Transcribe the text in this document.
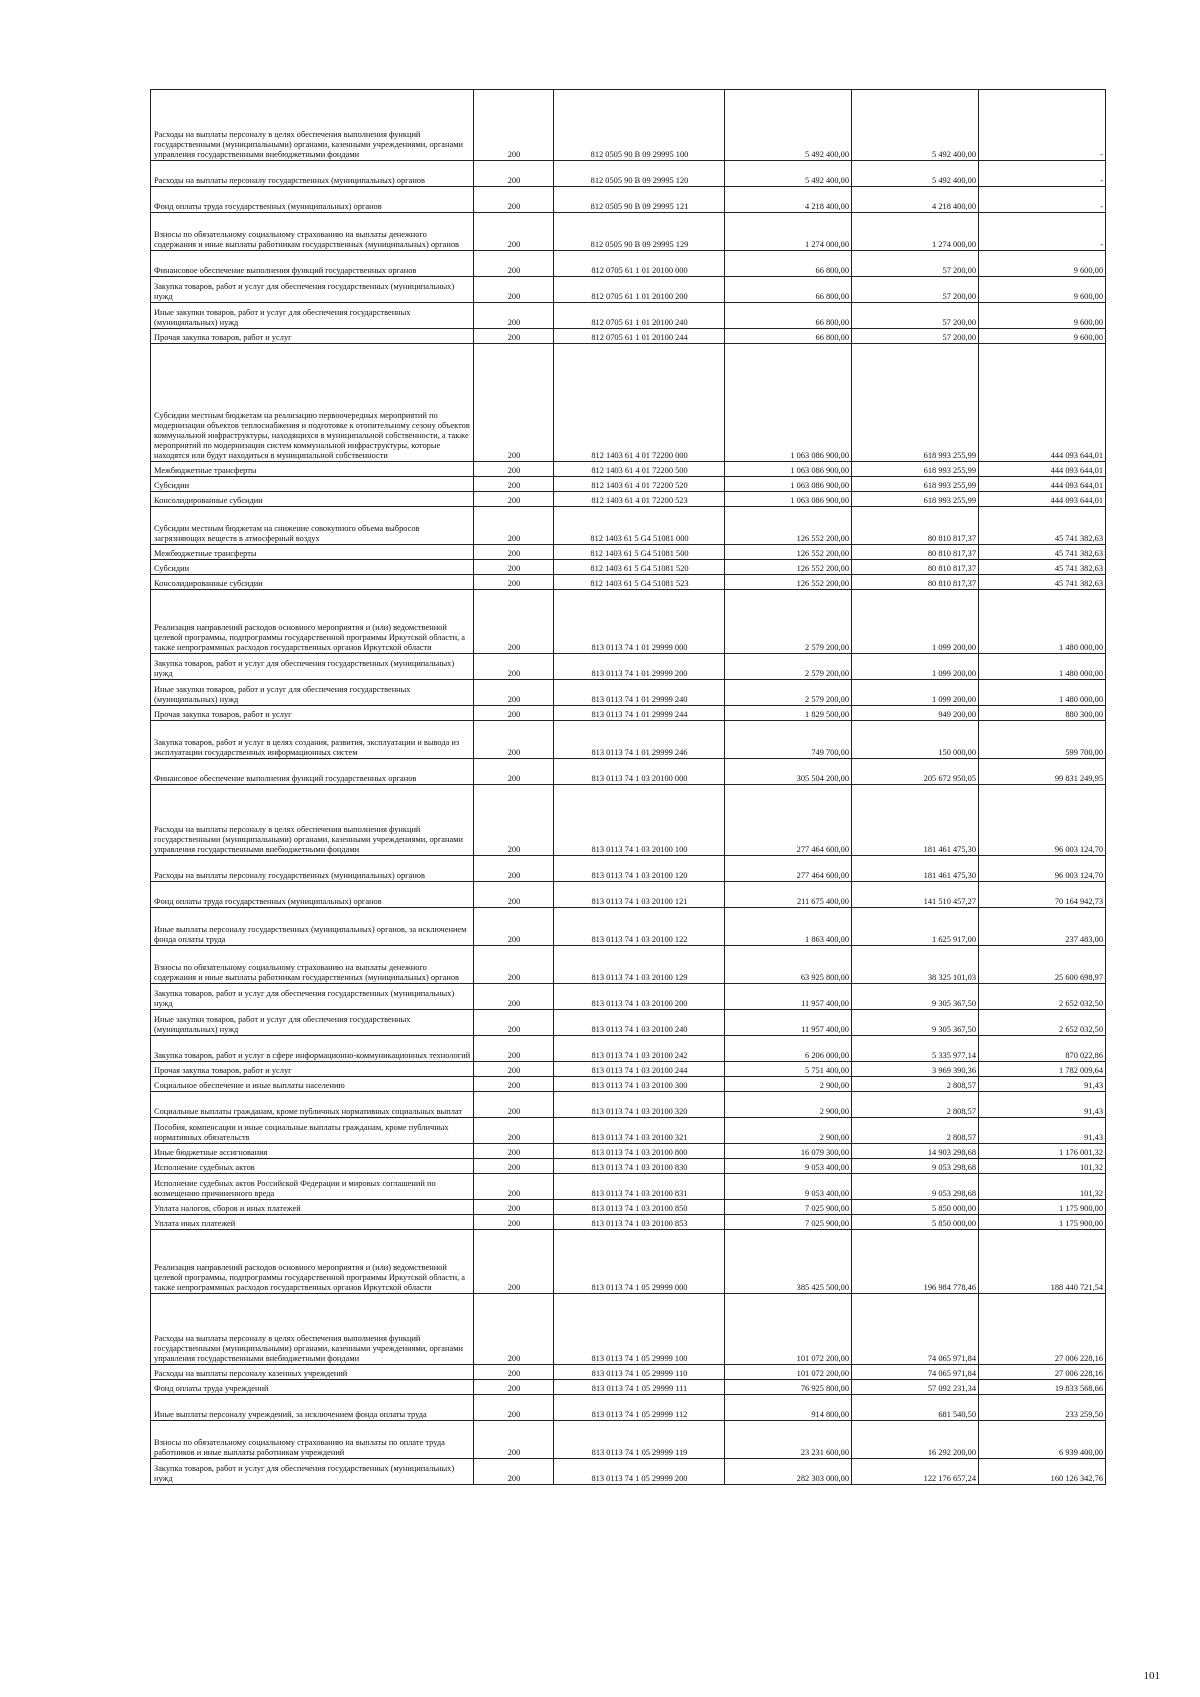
Расходы на выплаты персоналу в целях обеспечения выполнения функций государственными (муниципальными) органами, казенными учреждениями, органами управления государственными внебюджетными фондами	200	812 0505 90 В 09 29995 100	5 492 400,00	5 492 400,00	-
Расходы на выплаты персоналу государственных (муниципальных) органов	200	812 0505 90 В 09 29995 120	5 492 400,00	5 492 400,00	-
Фонд оплаты труда государственных (муниципальных) органов	200	812 0505 90 В 09 29995 121	4 218 400,00	4 218 400,00	-
Взносы по обязательному социальному страхованию на выплаты денежного содержания и иные выплаты работникам государственных (муниципальных) органов	200	812 0505 90 В 09 29995 129	1 274 000,00	1 274 000,00	-
Финансовое обеспечение выполнения функций государственных органов	200	812 0705 61 1 01 20100 000	66 800,00	57 200,00	9 600,00
Закупка товаров, работ и услуг для обеспечения государственных (муниципальных) нужд	200	812 0705 61 1 01 20100 200	66 800,00	57 200,00	9 600,00
Иные закупки товаров, работ и услуг для обеспечения государственных (муниципальных) нужд	200	812 0705 61 1 01 20100 240	66 800,00	57 200,00	9 600,00
Прочая закупка товаров, работ и услуг	200	812 0705 61 1 01 20100 244	66 800,00	57 200,00	9 600,00
Субсидии местным бюджетам на реализацию первоочередных мероприятий по модернизации объектов теплоснабжения и подготовке к отопительному сезону объектов коммунальной инфраструктуры, находящихся в муниципальной собственности, а также мероприятий по модернизации систем коммунальной инфраструктуры, которые находятся или будут находиться в муниципальной собственности	200	812 1403 61 4 01 72200 000	1 063 086 900,00	618 993 255,99	444 093 644,01
Межбюджетные трансферты	200	812 1403 61 4 01 72200 500	1 063 086 900,00	618 993 255,99	444 093 644,01
Субсидии	200	812 1403 61 4 01 72200 520	1 063 086 900,00	618 993 255,99	444 093 644,01
Консолидированные субсидии	200	812 1403 61 4 01 72200 523	1 063 086 900,00	618 993 255,99	444 093 644,01
Субсидии местным бюджетам на снижение совокупного объема выбросов загрязняющих веществ в атмосферный воздух	200	812 1403 61 5 G4 51081 000	126 552 200,00	80 810 817,37	45 741 382,63
Межбюджетные трансферты	200	812 1403 61 5 G4 51081 500	126 552 200,00	80 810 817,37	45 741 382,63
Субсидии	200	812 1403 61 5 G4 51081 520	126 552 200,00	80 810 817,37	45 741 382,63
Консолидированные субсидии	200	812 1403 61 5 G4 51081 523	126 552 200,00	80 810 817,37	45 741 382,63
Реализация направлений расходов основного мероприятия и (или) ведомственной целевой программы, подпрограммы государственной программы Иркутской области, а также непрограммных расходов государственных органов Иркутской области	200	813 0113 74 1 01 29999 000	2 579 200,00	1 099 200,00	1 480 000,00
Закупка товаров, работ и услуг для обеспечения государственных (муниципальных) нужд	200	813 0113 74 1 01 29999 200	2 579 200,00	1 099 200,00	1 480 000,00
Иные закупки товаров, работ и услуг для обеспечения государственных (муниципальных) нужд	200	813 0113 74 1 01 29999 240	2 579 200,00	1 099 200,00	1 480 000,00
Прочая закупка товаров, работ и услуг	200	813 0113 74 1 01 29999 244	1 829 500,00	949 200,00	880 300,00
Закупка товаров, работ и услуг в целях создания, развития, эксплуатации и вывода из эксплуатации государственных информационных систем	200	813 0113 74 1 01 29999 246	749 700,00	150 000,00	599 700,00
Финансовое обеспечение выполнения функций государственных органов	200	813 0113 74 1 03 20100 000	305 504 200,00	205 672 950,05	99 831 249,95
Расходы на выплаты персоналу в целях обеспечения выполнения функций государственными (муниципальными) органами, казенными учреждениями, органами управления государственными внебюджетными фондами	200	813 0113 74 1 03 20100 100	277 464 600,00	181 461 475,30	96 003 124,70
Расходы на выплаты персоналу государственных (муниципальных) органов	200	813 0113 74 1 03 20100 120	277 464 600,00	181 461 475,30	96 003 124,70
Фонд оплаты труда государственных (муниципальных) органов	200	813 0113 74 1 03 20100 121	211 675 400,00	141 510 457,27	70 164 942,73
Иные выплаты персоналу государственных (муниципальных) органов, за исключением фонда оплаты труда	200	813 0113 74 1 03 20100 122	1 863 400,00	1 625 917,00	237 483,00
Взносы по обязательному социальному страхованию на выплаты денежного содержания и иные выплаты работникам государственных (муниципальных) органов	200	813 0113 74 1 03 20100 129	63 925 800,00	38 325 101,03	25 600 698,97
Закупка товаров, работ и услуг для обеспечения государственных (муниципальных) нужд	200	813 0113 74 1 03 20100 200	11 957 400,00	9 305 367,50	2 652 032,50
Иные закупки товаров, работ и услуг для обеспечения государственных (муниципальных) нужд	200	813 0113 74 1 03 20100 240	11 957 400,00	9 305 367,50	2 652 032,50
Закупка товаров, работ и услуг в сфере информационно-коммуникационных технологий	200	813 0113 74 1 03 20100 242	6 206 000,00	5 335 977,14	870 022,86
Прочая закупка товаров, работ и услуг	200	813 0113 74 1 03 20100 244	5 751 400,00	3 969 390,36	1 782 009,64
Социальное обеспечение и иные выплаты населению	200	813 0113 74 1 03 20100 300	2 900,00	2 808,57	91,43
Социальные выплаты гражданам, кроме публичных нормативных социальных выплат	200	813 0113 74 1 03 20100 320	2 900,00	2 808,57	91,43
Пособия, компенсации и иные социальные выплаты гражданам, кроме публичных нормативных обязательств	200	813 0113 74 1 03 20100 321	2 900,00	2 808,57	91,43
Иные бюджетные ассигнования	200	813 0113 74 1 03 20100 800	16 079 300,00	14 903 298,68	1 176 001,32
Исполнение судебных актов	200	813 0113 74 1 03 20100 830	9 053 400,00	9 053 298,68	101,32
Исполнение судебных актов Российской Федерации и мировых соглашений по возмещению причиненного вреда	200	813 0113 74 1 03 20100 831	9 053 400,00	9 053 298,68	101,32
Уплата налогов, сборов и иных платежей	200	813 0113 74 1 03 20100 850	7 025 900,00	5 850 000,00	1 175 900,00
Уплата иных платежей	200	813 0113 74 1 03 20100 853	7 025 900,00	5 850 000,00	1 175 900,00
Реализация направлений расходов основного мероприятия и (или) ведомственной целевой программы, подпрограммы государственной программы Иркутской области, а также непрограммных расходов государственных органов Иркутской области	200	813 0113 74 1 05 29999 000	385 425 500,00	196 984 778,46	188 440 721,54
Расходы на выплаты персоналу в целях обеспечения выполнения функций государственными (муниципальными) органами, казенными учреждениями, органами управления государственными внебюджетными фондами	200	813 0113 74 1 05 29999 100	101 072 200,00	74 065 971,84	27 006 228,16
Расходы на выплаты персоналу казенных учреждений	200	813 0113 74 1 05 29999 110	101 072 200,00	74 065 971,84	27 006 228,16
Фонд оплаты труда учреждений	200	813 0113 74 1 05 29999 111	76 925 800,00	57 092 231,34	19 833 568,66
Иные выплаты персоналу учреждений, за исключением фонда оплаты труда	200	813 0113 74 1 05 29999 112	914 800,00	681 540,50	233 259,50
Взносы по обязательному социальному страхованию на выплаты по оплате труда работников и иные выплаты работникам учреждений	200	813 0113 74 1 05 29999 119	23 231 600,00	16 292 200,00	6 939 400,00
Закупка товаров, работ и услуг для обеспечения государственных (муниципальных) нужд	200	813 0113 74 1 05 29999 200	282 303 000,00	122 176 657,24	160 126 342,76
101
